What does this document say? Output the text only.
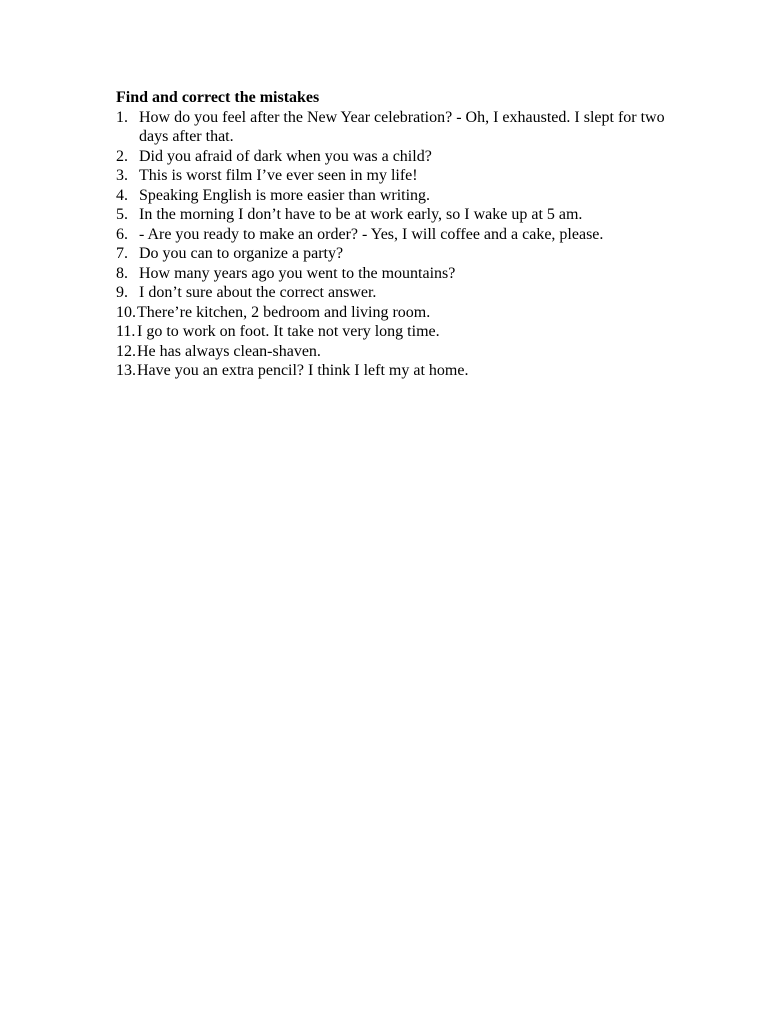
Find and correct the mistakes

1. How do you feel after the New Year celebration? - Oh, I exhausted. I slept for two days after that.
2. Did you afraid of dark when you was a child?
3. This is worst film I’ve ever seen in my life!
4. Speaking English is more easier than writing.
5. In the morning I don’t have to be at work early, so I wake up at 5 am.
6. - Are you ready to make an order? - Yes, I will coffee and a cake, please.
7. Do you can to organize a party?
8. How many years ago you went to the mountains?
9. I don’t sure about the correct answer.
10. There’re kitchen, 2 bedroom and living room.
11. I go to work on foot. It take not very long time.
12. He has always clean-shaven.
13. Have you an extra pencil? I think I left my at home.
